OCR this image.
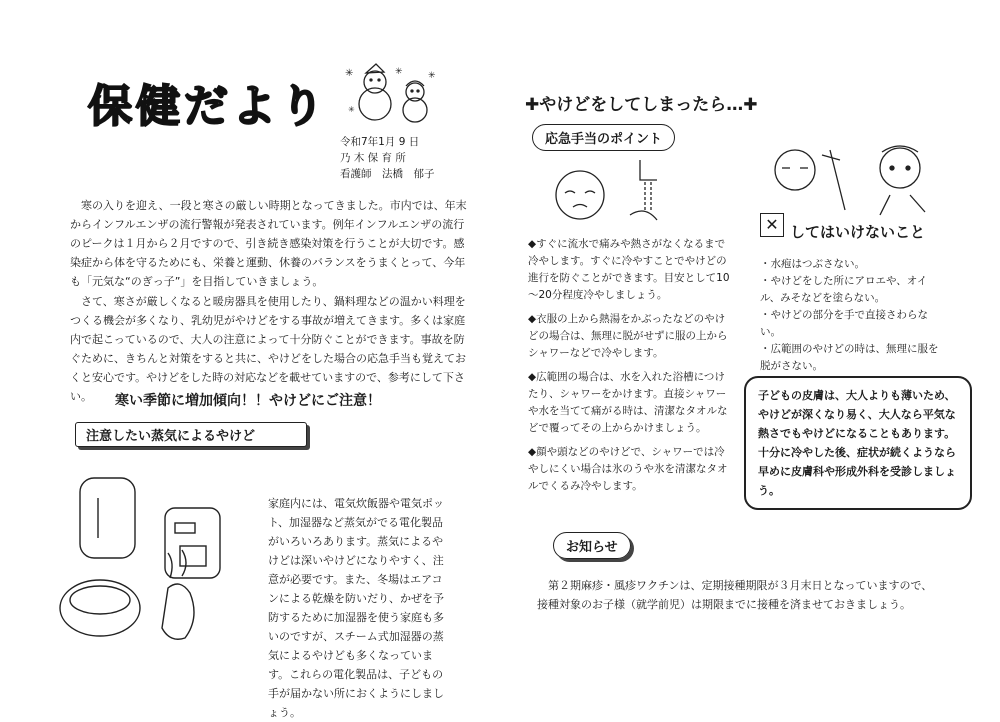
保健だより
✳	✳	✳
✳
令和7年1月 9 日
乃 木 保 育 所
看護師　法橋　郁子
寒の入りを迎え、一段と寒さの厳しい時期となってきました。市内では、年末からインフルエンザの流行警報が発表されています。例年インフルエンザの流行のピークは１月から２月ですので、引き続き感染対策を行うことが大切です。感染症から体を守るためにも、栄養と運動、休養のバランスをうまくとって、今年も「元気な“のぎっ子”」を目指していきましょう。
さて、寒さが厳しくなると暖房器具を使用したり、鍋料理などの温かい料理をつくる機会が多くなり、乳幼児がやけどをする事故が増えてきます。多くは家庭内で起こっているので、大人の注意によって十分防ぐことができます。事故を防ぐために、きちんと対策をすると共に、やけどをした場合の応急手当も覚えておくと安心です。やけどをした時の対応などを載せていますので、参考にして下さい。	寒い季節に増加傾向！！やけどにご注意！
注意したい蒸気によるやけど
家庭内には、電気炊飯器や電気ポット、加湿器など蒸気がでる電化製品がいろいろあります。蒸気によるやけどは深いやけどになりやすく、注意が必要です。また、冬場はエアコンによる乾燥を防いだり、かぜを予防するために加湿器を使う家庭も多いのですが、スチーム式加湿器の蒸気によるやけども多くなっています。これらの電化製品は、子どもの手が届かない所におくようにしましょう。
✚やけどをしてしまったら…✚
応急手当のポイント
✕ してはいけないこと
・水疱はつぶさない。
・やけどをした所にアロエや、オイル、みそなどを塗らない。
・やけどの部分を手で直接さわらない。
・広範囲のやけどの時は、無理に服を脱がさない。
◆すぐに流水で痛みや熱さがなくなるまで冷やします。すぐに冷やすことでやけどの進行を防ぐことができます。目安として10～20分程度冷やしましょう。
◆衣服の上から熱湯をかぶったなどのやけどの場合は、無理に脱がせずに服の上からシャワーなどで冷やします。
◆広範囲の場合は、水を入れた浴槽につけたり、シャワーをかけます。直接シャワーや水を当てて痛がる時は、清潔なタオルなどで覆ってその上からかけましょう。
◆顔や頭などのやけどで、シャワーでは冷やしにくい場合は氷のうや氷を清潔なタオルでくるみ冷やします。
子どもの皮膚は、大人よりも薄いため、やけどが深くなり易く、大人なら平気な熱さでもやけどになることもあります。十分に冷やした後、症状が続くようなら早めに皮膚科や形成外科を受診しましょう。
お知らせ
第２期麻疹・風疹ワクチンは、定期接種期限が３月末日となっていますので、接種対象のお子様（就学前児）は期限までに接種を済ませておきましょう。
